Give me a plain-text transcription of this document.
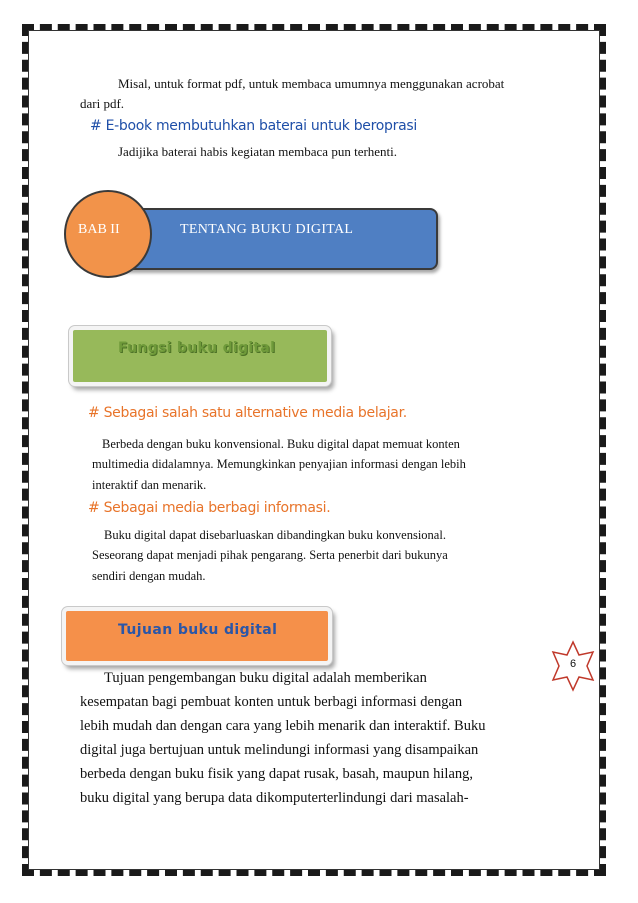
Misal, untuk format pdf, untuk membaca umumnya menggunakan acrobat
dari pdf.
# E-book membutuhkan baterai untuk beroprasi
Jadijika baterai habis kegiatan membaca pun terhenti.
TENTANG BUKU DIGITAL
BAB II
Fungsi buku digital
# Sebagai salah satu alternative media belajar.
Berbeda dengan buku konvensional. Buku digital dapat memuat konten
multimedia didalamnya. Memungkinkan penyajian informasi dengan lebih
interaktif dan menarik.
# Sebagai media berbagi informasi.
Buku digital dapat disebarluaskan dibandingkan buku konvensional.
Seseorang dapat menjadi pihak pengarang. Serta penerbit dari bukunya
sendiri dengan mudah.
Tujuan buku digital
6
Tujuan pengembangan buku digital adalah memberikan
kesempatan bagi pembuat konten untuk berbagi informasi dengan
lebih mudah dan dengan cara yang lebih menarik dan interaktif. Buku
digital juga bertujuan untuk melindungi informasi yang disampaikan
berbeda dengan buku fisik yang dapat rusak, basah, maupun hilang,
buku digital yang berupa data dikomputerterlindungi dari masalah-
